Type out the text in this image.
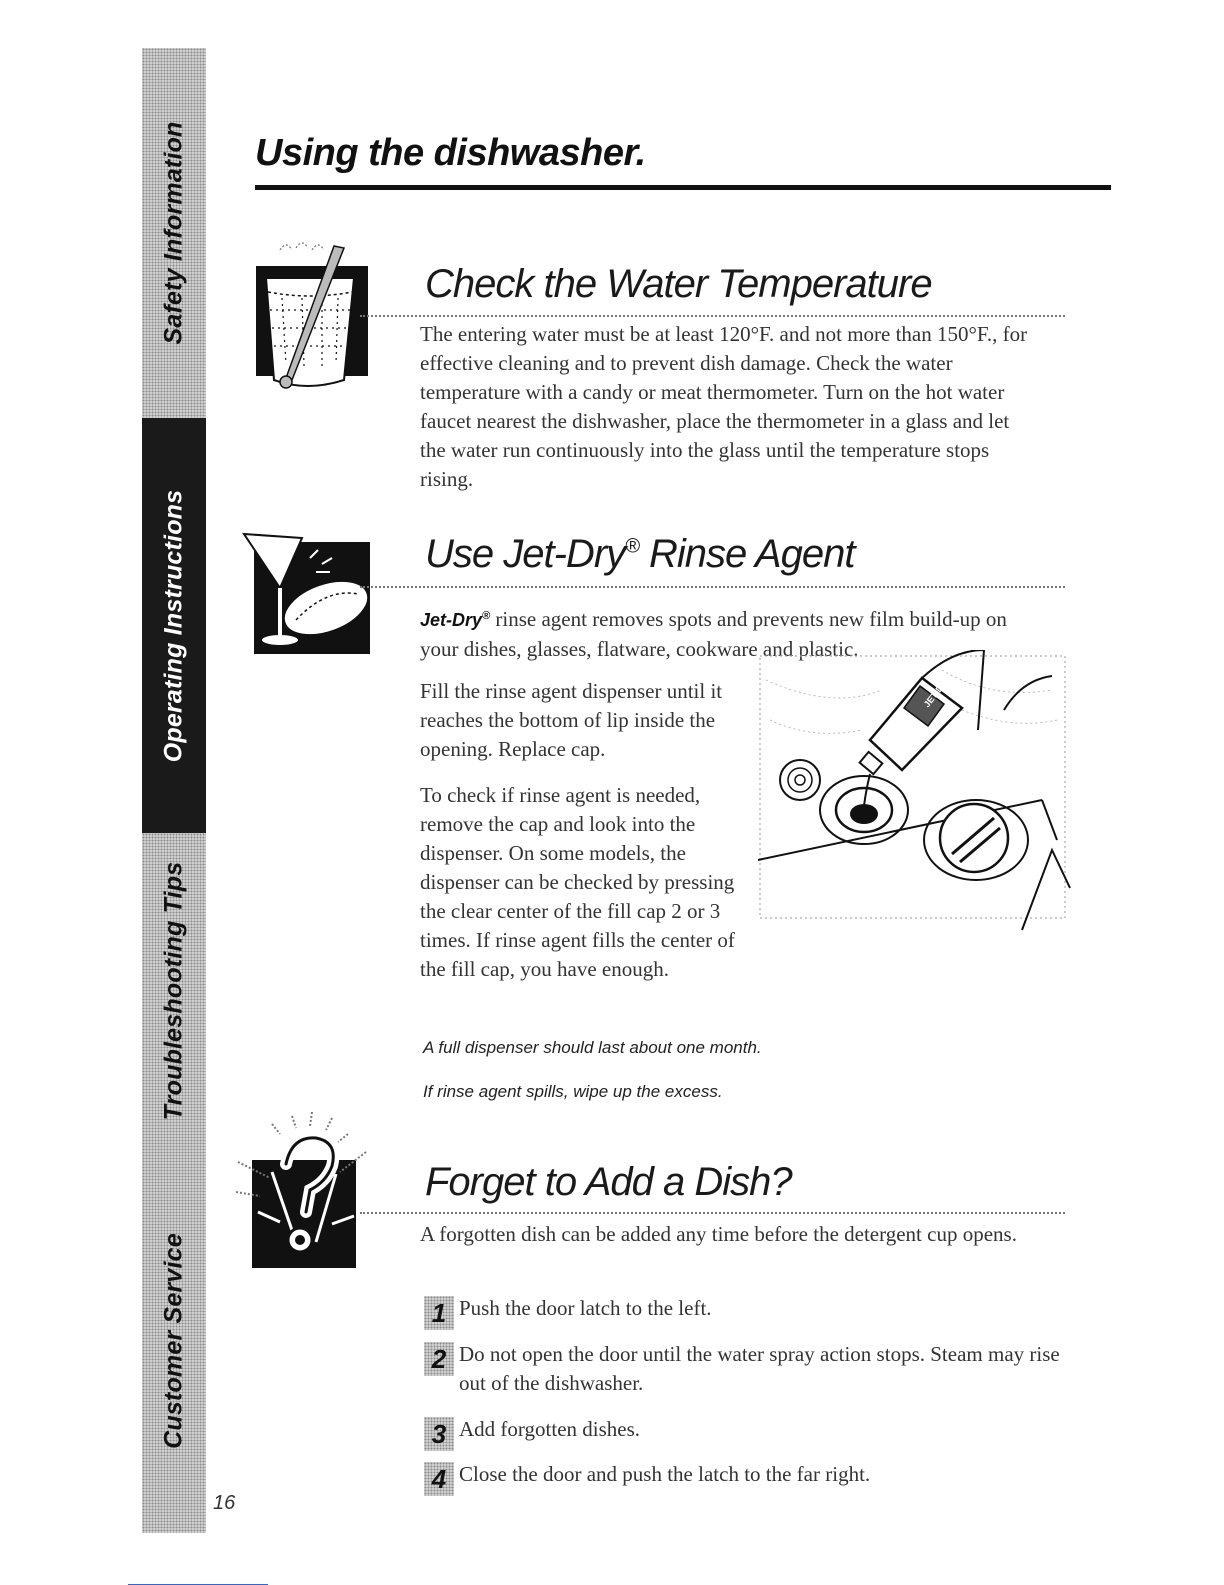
Safety Information
Operating Instructions
Troubleshooting Tips
Customer Service
16
Using the dishwasher.
Check the Water Temperature

The entering water must be at least 120°F. and not more than 150°F., for effective cleaning and to prevent dish damage. Check the water temperature with a candy or meat thermometer. Turn on the hot water faucet nearest the dishwasher, place the thermometer in a glass and let the water run continuously into the glass until the temperature stops rising.

Use Jet-Dry® Rinse Agent

Jet-Dry® rinse agent removes spots and prevents new film build-up on your dishes, glasses, flatware, cookware and plastic.

Fill the rinse agent dispenser until it reaches the bottom of lip inside the opening. Replace cap.

To check if rinse agent is needed, remove the cap and look into the dispenser. On some models, the dispenser can be checked by pressing the clear center of the fill cap 2 or 3 times. If rinse agent fills the center of the fill cap, you have enough.

JET DRY

A full dispenser should last about one month.

If rinse agent spills, wipe up the excess.

Forget to Add a Dish?

A forgotten dish can be added any time before the detergent cup opens.

1 Push the door latch to the left.
2 Do not open the door until the water spray action stops. Steam may rise out of the dishwasher.
3 Add forgotten dishes.
4 Close the door and push the latch to the far right.
